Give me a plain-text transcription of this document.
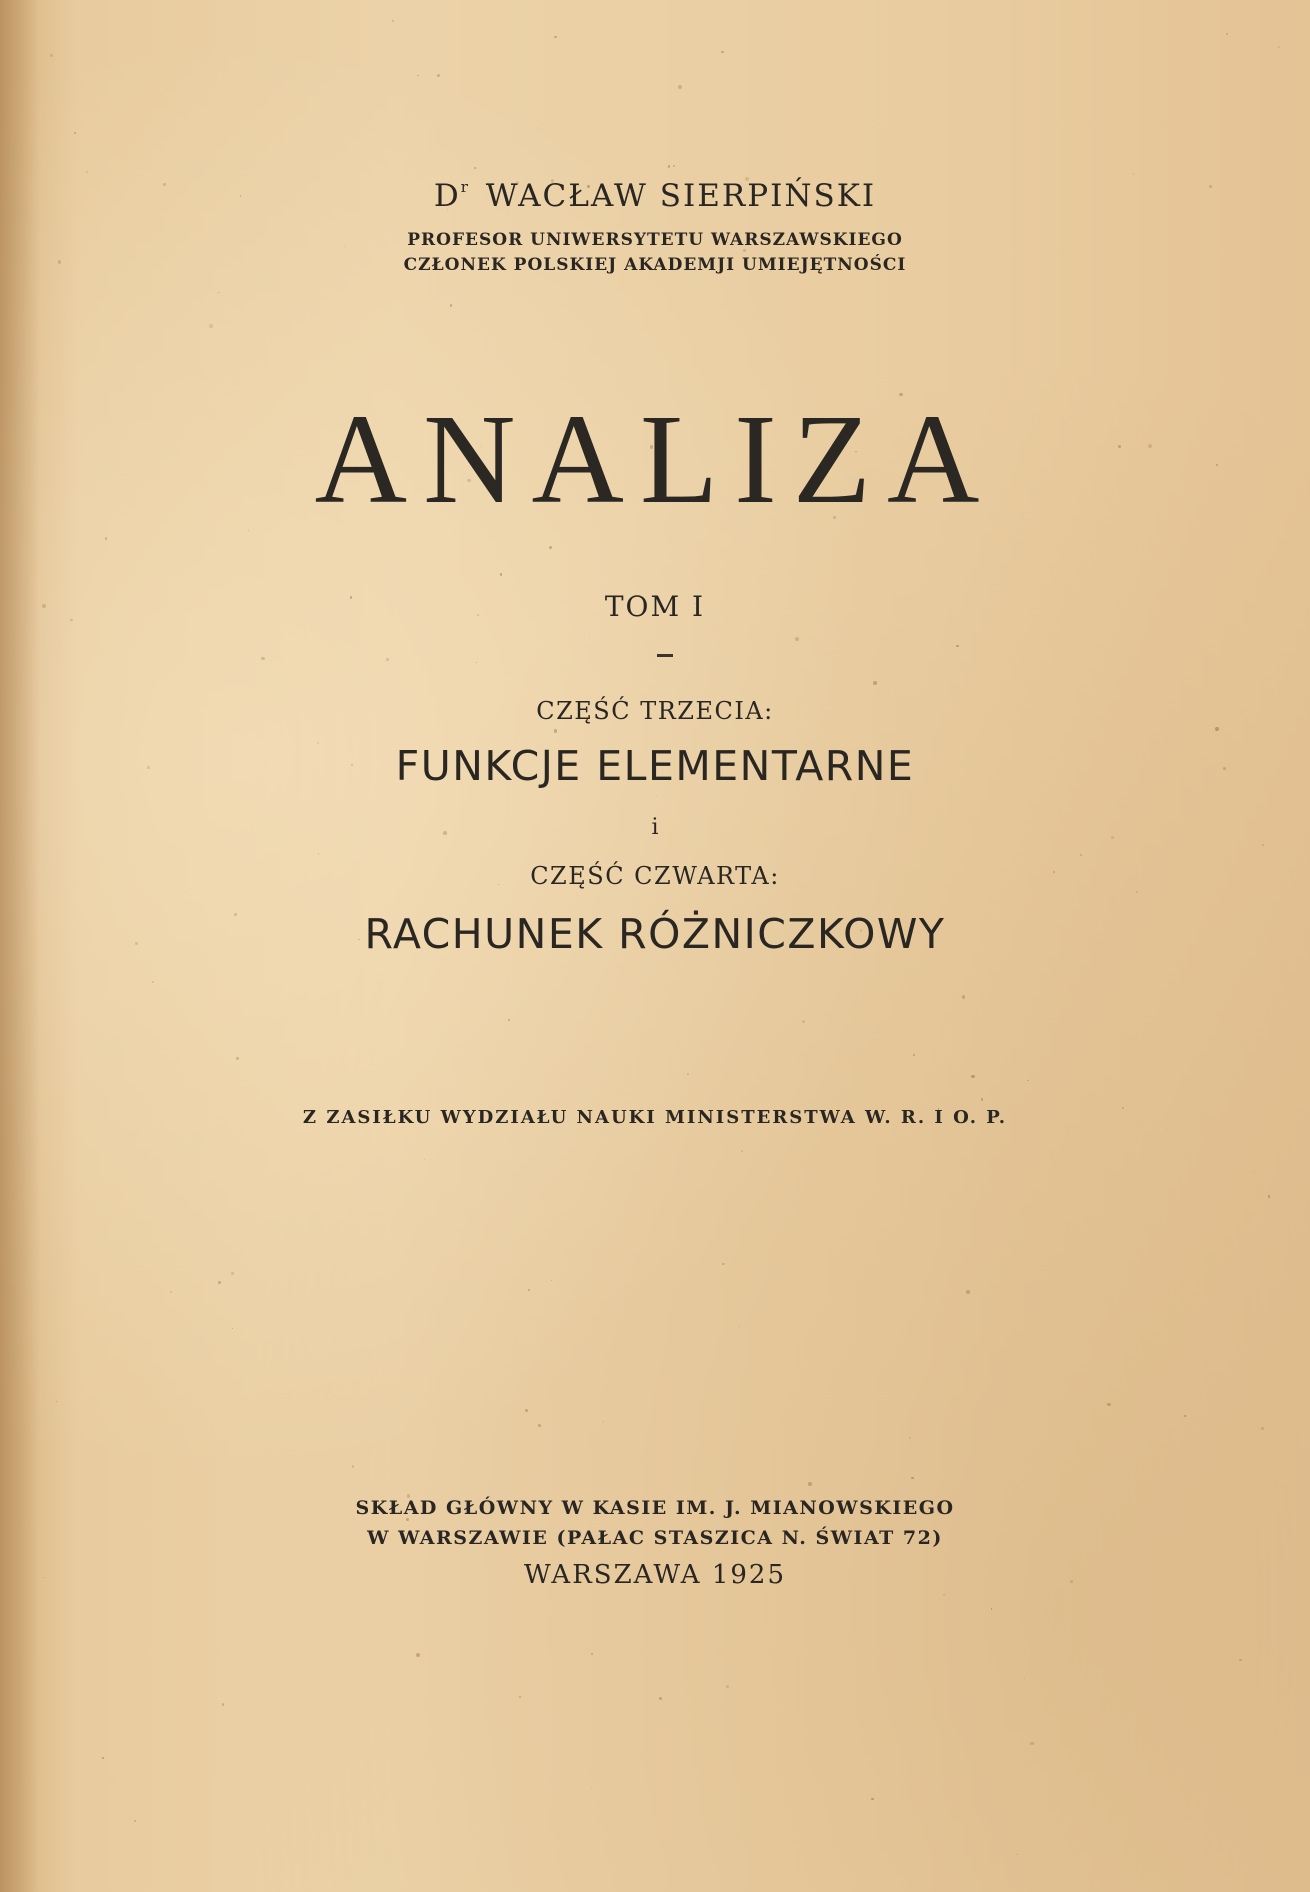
$D^r$ WACŁAW SIERPIŃSKI
PROFESOR UNIWERSYTETU WARSZAWSKIEGO
CZŁONEK POLSKIEJ AKADEMJI UMIEJĘTNOŚCI
ANALIZA
TOM I
CZĘŚĆ TRZECIA:
FUNKCJE ELEMENTARNE
i
CZĘŚĆ CZWARTA:
RACHUNEK RÓŻNICZKOWY
Z ZASIŁKU WYDZIAŁU NAUKI MINISTERSTWA W. R. I O. P.
SKŁAD GŁÓWNY W KASIE IM. J. MIANOWSKIEGO
W WARSZAWIE (PAŁAC STASZICA N. ŚWIAT 72)
WARSZAWA 1925
